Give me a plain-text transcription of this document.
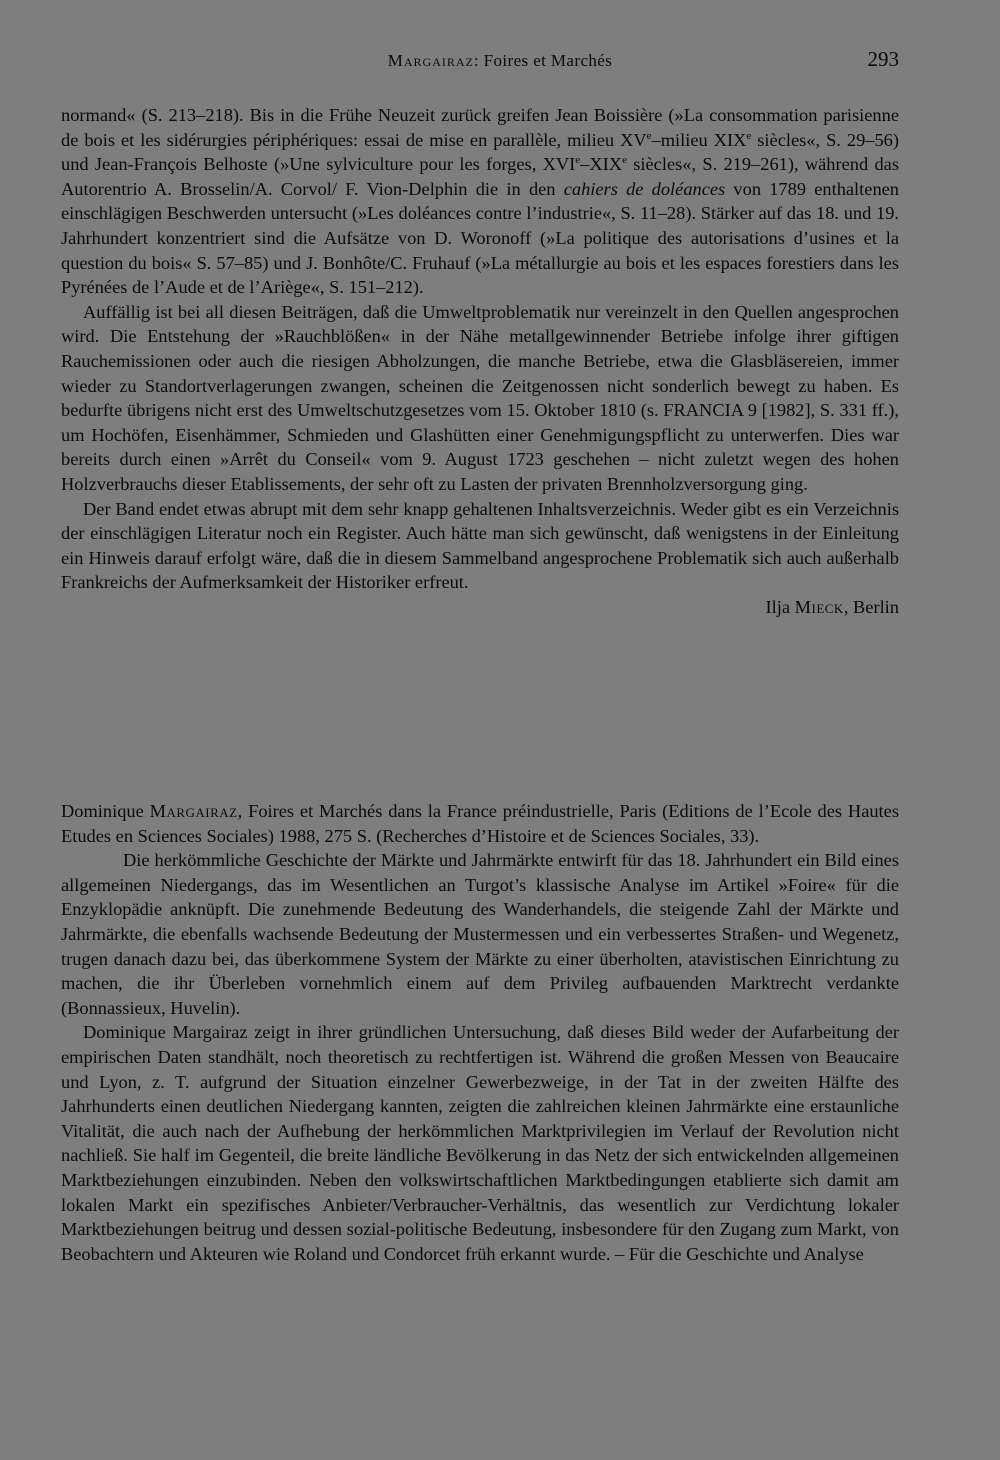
Margairaz: Foires et Marchés	293

normand« (S. 213–218). Bis in die Frühe Neuzeit zurück greifen Jean Boissière (»La consommation parisienne de bois et les sidérurgies périphériques: essai de mise en parallèle, milieu XVe–milieu XIXe siècles«, S. 29–56) und Jean-François Belhoste (»Une sylviculture pour les forges, XVIe–XIXe siècles«, S. 219–261), während das Autorentrio A. Brosselin/A. Corvol/ F. Vion-Delphin die in den cahiers de doléances von 1789 enthaltenen einschlägigen Beschwerden untersucht (»Les doléances contre l’industrie«, S. 11–28). Stärker auf das 18. und 19. Jahrhundert konzentriert sind die Aufsätze von D. Woronoff (»La politique des autorisations d’usines et la question du bois« S. 57–85) und J. Bonhôte/C. Fruhauf (»La métallurgie au bois et les espaces forestiers dans les Pyrénées de l’Aude et de l’Ariège«, S. 151–212).

Auffällig ist bei all diesen Beiträgen, daß die Umweltproblematik nur vereinzelt in den Quellen angesprochen wird. Die Entstehung der »Rauchblößen« in der Nähe metallgewinnender Betriebe infolge ihrer giftigen Rauchemissionen oder auch die riesigen Abholzungen, die manche Betriebe, etwa die Glasbläsereien, immer wieder zu Standortverlagerungen zwangen, scheinen die Zeitgenossen nicht sonderlich bewegt zu haben. Es bedurfte übrigens nicht erst des Umweltschutzgesetzes vom 15. Oktober 1810 (s. FRANCIA 9 [1982], S. 331 ff.), um Hochöfen, Eisenhämmer, Schmieden und Glashütten einer Genehmigungspflicht zu unterwerfen. Dies war bereits durch einen »Arrêt du Conseil« vom 9. August 1723 geschehen – nicht zuletzt wegen des hohen Holzverbrauchs dieser Etablissements, der sehr oft zu Lasten der privaten Brennholzversorgung ging.

Der Band endet etwas abrupt mit dem sehr knapp gehaltenen Inhaltsverzeichnis. Weder gibt es ein Verzeichnis der einschlägigen Literatur noch ein Register. Auch hätte man sich gewünscht, daß wenigstens in der Einleitung ein Hinweis darauf erfolgt wäre, daß die in diesem Sammelband angesprochene Problematik sich auch außerhalb Frankreichs der Aufmerksamkeit der Historiker erfreut.

Ilja Mieck, Berlin

Dominique Margairaz, Foires et Marchés dans la France préindustrielle, Paris (Editions de l’Ecole des Hautes Etudes en Sciences Sociales) 1988, 275 S. (Recherches d’Histoire et de Sciences Sociales, 33).

Die herkömmliche Geschichte der Märkte und Jahrmärkte entwirft für das 18. Jahrhundert ein Bild eines allgemeinen Niedergangs, das im Wesentlichen an Turgot’s klassische Analyse im Artikel »Foire« für die Enzyklopädie anknüpft. Die zunehmende Bedeutung des Wanderhandels, die steigende Zahl der Märkte und Jahrmärkte, die ebenfalls wachsende Bedeutung der Mustermessen und ein verbessertes Straßen- und Wegenetz, trugen danach dazu bei, das überkommene System der Märkte zu einer überholten, atavistischen Einrichtung zu machen, die ihr Überleben vornehmlich einem auf dem Privileg aufbauenden Marktrecht verdankte (Bonnassieux, Huvelin).

Dominique Margairaz zeigt in ihrer gründlichen Untersuchung, daß dieses Bild weder der Aufarbeitung der empirischen Daten standhält, noch theoretisch zu rechtfertigen ist. Während die großen Messen von Beaucaire und Lyon, z. T. aufgrund der Situation einzelner Gewerbezweige, in der Tat in der zweiten Hälfte des Jahrhunderts einen deutlichen Niedergang kannten, zeigten die zahlreichen kleinen Jahrmärkte eine erstaunliche Vitalität, die auch nach der Aufhebung der herkömmlichen Marktprivilegien im Verlauf der Revolution nicht nachließ. Sie half im Gegenteil, die breite ländliche Bevölkerung in das Netz der sich entwickelnden allgemeinen Marktbeziehungen einzubinden. Neben den volkswirtschaftlichen Marktbedingungen etablierte sich damit am lokalen Markt ein spezifisches Anbieter/Verbraucher-Verhältnis, das wesentlich zur Verdichtung lokaler Marktbeziehungen beitrug und dessen sozial-politische Bedeutung, insbesondere für den Zugang zum Markt, von Beobachtern und Akteuren wie Roland und Condorcet früh erkannt wurde. – Für die Geschichte und Analyse
